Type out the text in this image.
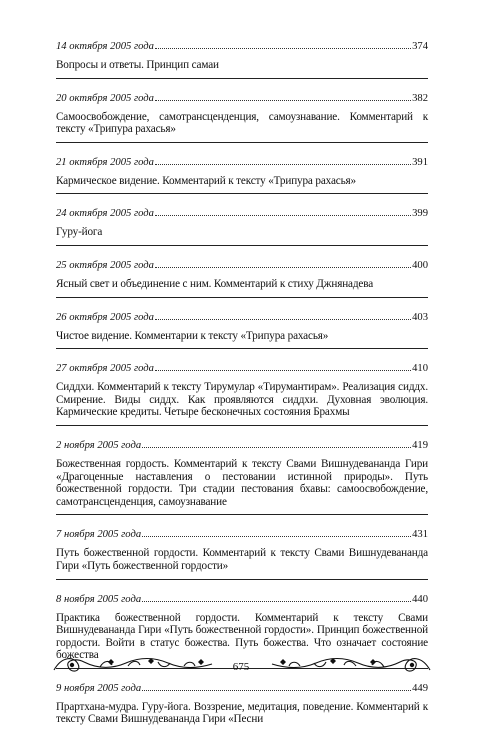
14 октября 2005 года	374
Вопросы и ответы. Принцип самаи
20 октября 2005 года	382
Самоосвобождение, самотрансценденция, самоузнавание. Комментарий к тексту «Трипура рахасья»
21 октября 2005 года	391
Кармическое видение. Комментарий к тексту «Трипура рахасья»
24 октября 2005 года	399
Гуру-йога
25 октября 2005 года	400
Ясный свет и объединение с ним. Комментарий к стиху Джнянадева
26 октября 2005 года	403
Чистое видение. Комментарии к тексту «Трипура рахасья»
27 октября 2005 года	410
Сиддхи. Комментарий к тексту Тирумулар «Тирумантирам». Реализация сиддх. Смирение. Виды сиддх. Как проявляются сиддхи. Духовная эволюция. Кармические кредиты. Четыре бесконечных состояния Брахмы
2 ноября 2005 года	419
Божественная гордость. Комментарий к тексту Свами Вишнудевананда Гири «Драгоценные наставления о пестовании истинной природы». Путь божественной гордости. Три стадии пестования бхавы: самоосвобождение, самотрансценденция, самоузнавание
7 ноября 2005 года	431
Путь божественной гордости. Комментарий к тексту Свами Вишнудевананда Гири «Путь божественной гордости»
8 ноября 2005 года	440
Практика божественной гордости. Комментарий к тексту Свами Вишнудевананда Гири «Путь божественной гордости». Принцип божественной гордости. Войти в статус божества. Путь божества. Что означает состояние божества
9 ноября 2005 года	449
Прартхана-мудра. Гуру-йога. Воззрение, медитация, поведение. Комментарий к тексту Свами Вишнудевананда Гири «Песни
675
